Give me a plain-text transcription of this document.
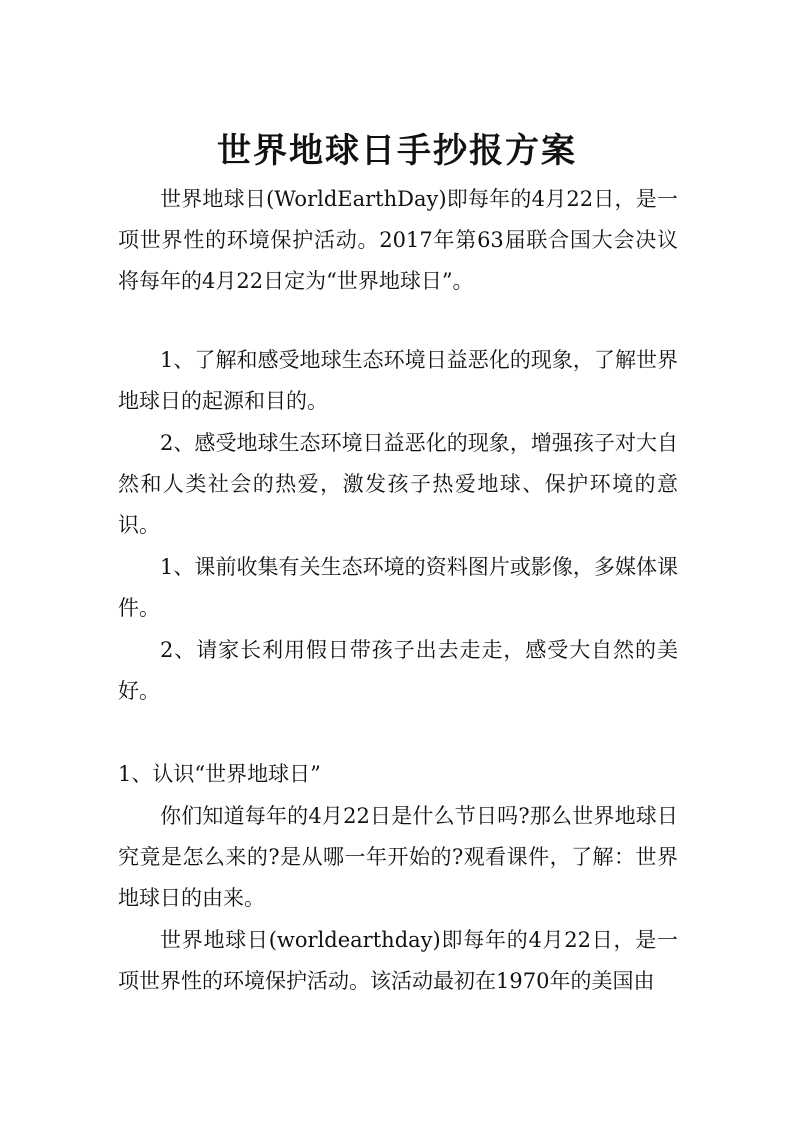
世界地球日手抄报方案

世界地球日(WorldEarthDay)即每年的4月22日，是一项世界性的环境保护活动。2017年第63届联合国大会决议将每年的4月22日定为“世界地球日”。

1、了解和感受地球生态环境日益恶化的现象，了解世界地球日的起源和目的。

2、感受地球生态环境日益恶化的现象，增强孩子对大自然和人类社会的热爱，激发孩子热爱地球、保护环境的意识。

1、课前收集有关生态环境的资料图片或影像，多媒体课件。

2、请家长利用假日带孩子出去走走，感受大自然的美好。

1、认识“世界地球日”

你们知道每年的4月22日是什么节日吗?那么世界地球日究竟是怎么来的?是从哪一年开始的?观看课件，了解：世界地球日的由来。

世界地球日(worldearthday)即每年的4月22日，是一项世界性的环境保护活动。该活动最初在1970年的美国由
